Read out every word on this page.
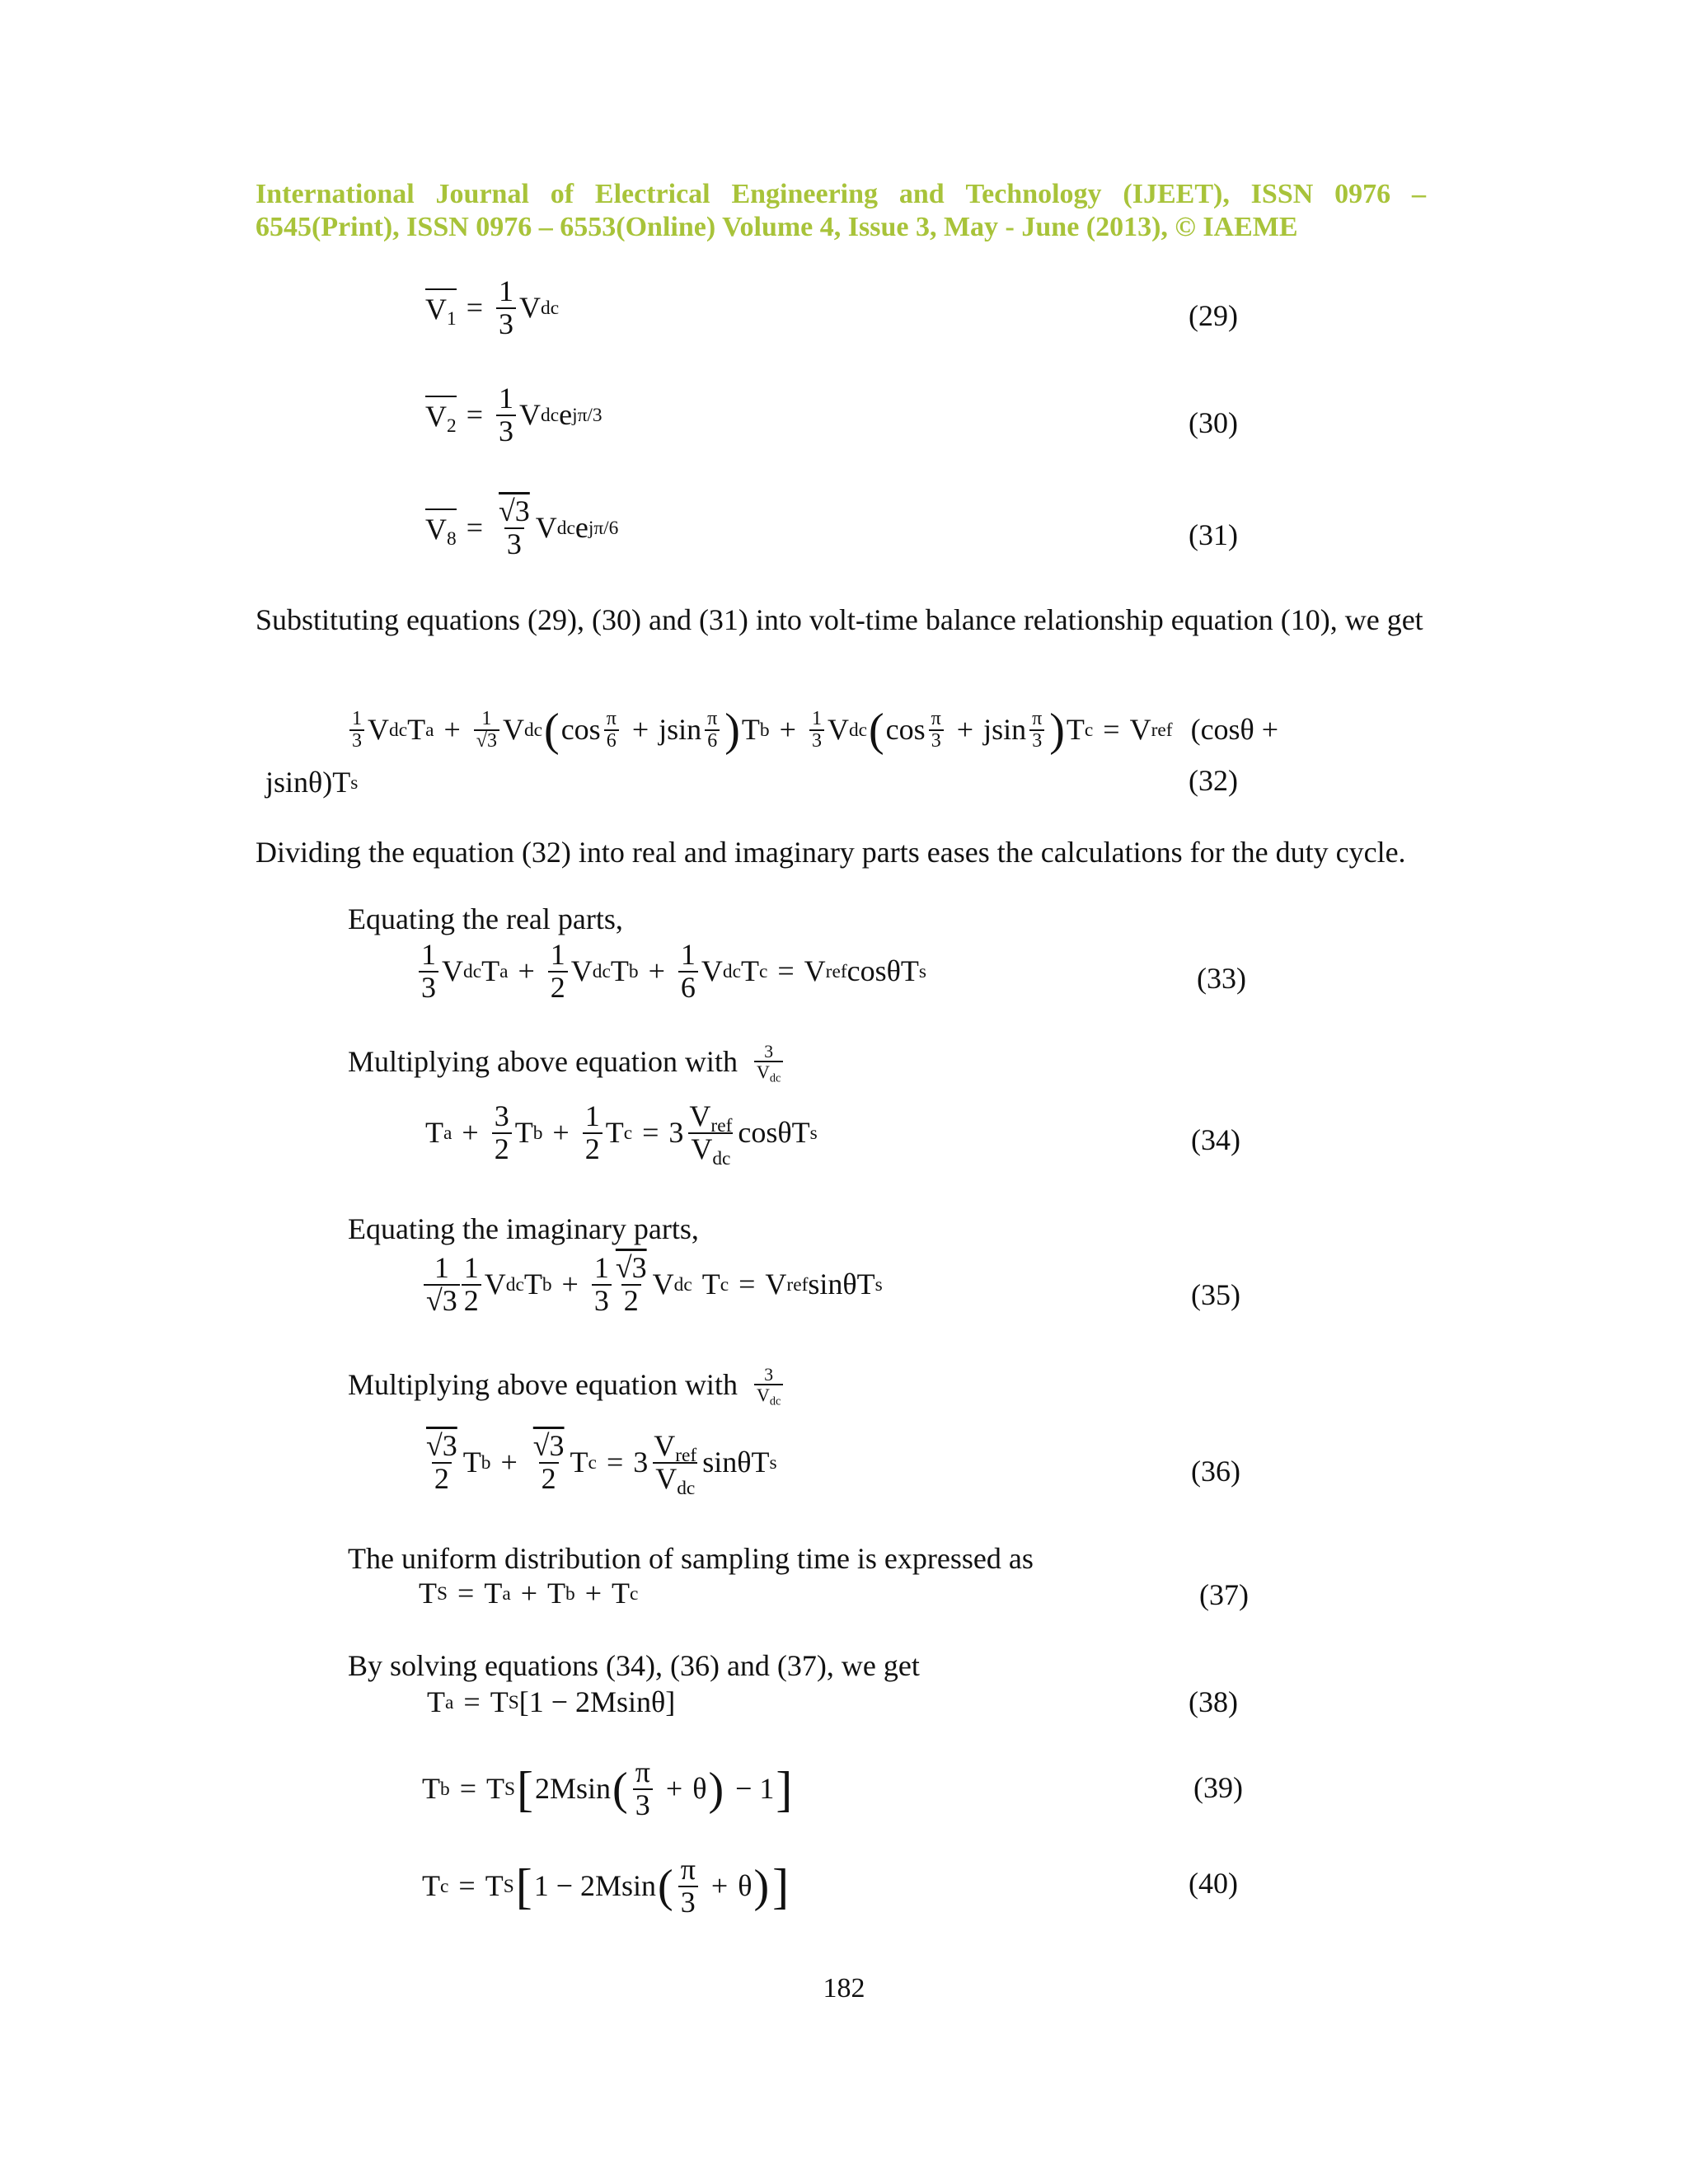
International Journal of Electrical Engineering and Technology (IJEET), ISSN 0976 –
6545(Print), ISSN 0976 – 6553(Online) Volume 4, Issue 3, May - June (2013), © IAEME
$V_1 = \frac{1}{3}$ V dc	(29)
$V_2 = \frac{1}{3}$ V dc e jπ/3	(30)
$V_8 = \frac{√3}{3}$ V dc e jπ/6	(31)
Substituting equations (29), (30) and (31) into volt-time balance relationship equation (10), we get
$\frac{1}{3}$ V dc T $a + \frac{1}{√3}$ V dc ( $\cos \frac{\pi}{6} + jsin \frac{\pi}{6}$ ) T $b + \frac{1}{3}$ V dc ( $\cos \frac{\pi}{3} + jsin \frac{\pi}{3}$ ) T c = V ref (cosθ +
jsinθ) T s	(32)
Dividing the equation (32) into real and imaginary parts eases the calculations for the duty cycle.
Equating the real parts,
$\frac{1}{3}$ V dc T $a + \frac{1}{2}$ V dc T $b + \frac{1}{6}$ V dc T c = V ref cosθ T s	(33)
Multiplying above equation with $\frac{3}{V_{dc}}$
T $a + \frac{3}{2}$ T $b + \frac{1}{2}$ T $c = 3 \frac{V_{ref}}{V_{dc}}$ cosθ T s	(34)
Equating the imaginary parts,
$\frac{1}{√3} \frac{1}{2}$ V dc T $b + \frac{1}{3} \frac{√3}{2}$ V dc T c = V ref sinθ T s	(35)
Multiplying above equation with $\frac{3}{V_{dc}}$
$\frac{√3}{2}$ T $b + \frac{√3}{2}$ T $c = 3 \frac{V_{ref}}{V_{dc}}$ sinθ T s	(36)
The uniform distribution of sampling time is expressed as
T S = T a + T b + T c	(37)
By solving equations (34), (36) and (37), we get
T a = T S [1 − 2Msinθ]	(38)
T b = T S [ 2Msin ( $\frac{\pi}{3} + \theta$ ) − 1 ]	(39)
T c = T S [ 1 − 2Msin ( $\frac{\pi}{3} + \theta$ ) ]	(40)
182
